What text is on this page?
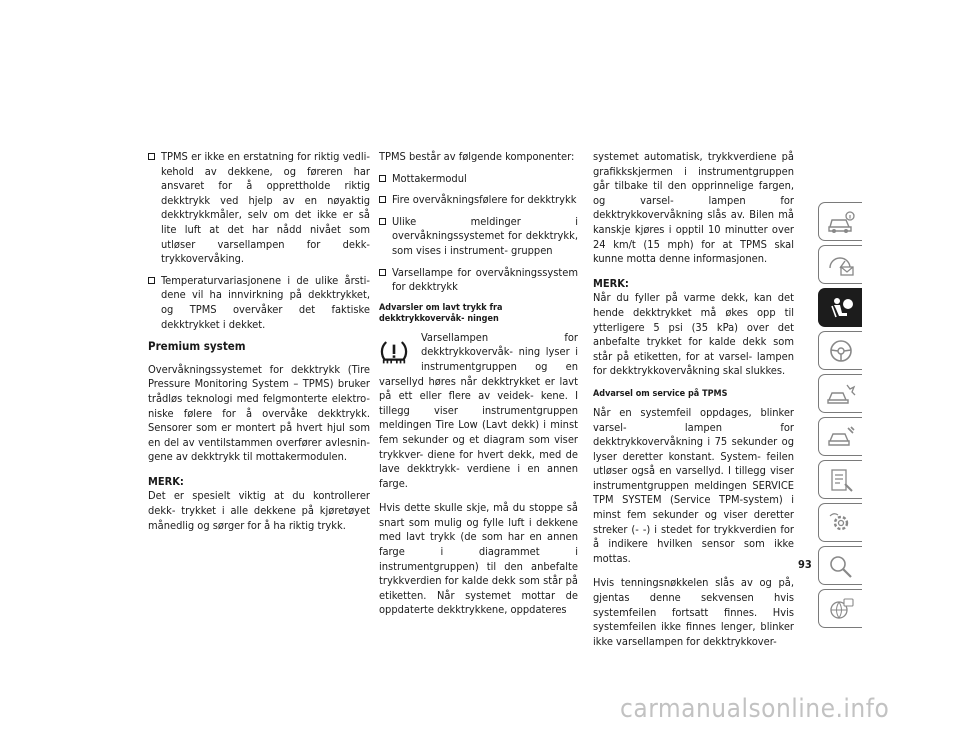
TPMS er ikke en erstatning for riktig vedli- kehold av dekkene, og føreren har ansvaret for å opprettholde riktig dekktrykk ved hjelp av en nøyaktig dekktrykkmåler, selv om det ikke er så lite luft at det har nådd nivået som utløser varsellampen for dekk- trykkovervåking.
Temperaturvariasjonene i de ulike årsti- dene vil ha innvirkning på dekktrykket, og TPMS overvåker det faktiske dekktrykket i dekket.
Premium system

Overvåkningssystemet for dekktrykk (Tire Pressure Monitoring System – TPMS) bruker trådløs teknologi med felgmonterte elektro- niske følere for å overvåke dekktrykk. Sensorer som er montert på hvert hjul som en del av ventilstammen overfører avlesnin- gene av dekktrykk til mottakermodulen.

MERK:
Det er spesielt viktig at du kontrollerer dekk- trykket i alle dekkene på kjøretøyet månedlig og sørger for å ha riktig trykk.

TPMS består av følgende komponenter:

Mottakermodul
Fire overvåkningsfølere for dekktrykk
Ulike meldinger i overvåkningssystemet for dekktrykk, som vises i instrument- gruppen
Varsellampe for overvåkningssystem for dekktrykk
Advarsler om lavt trykk fra dekktrykkovervåk- ningen
Varsellampen for dekktrykkovervåk- ning lyser i instrumentgruppen og en varsellyd høres når dekktrykket er lavt på ett eller flere av veidek- kene. I tillegg viser instrumentgruppen meldingen Tire Low (Lavt dekk) i minst fem sekunder og et diagram som viser trykkver- diene for hvert dekk, med de lave dekktrykk- verdiene i en annen farge.

Hvis dette skulle skje, må du stoppe så snart som mulig og fylle luft i dekkene med lavt trykk (de som har en annen farge i diagrammet i instrumentgruppen) til den anbefalte trykkverdien for kalde dekk som står på etiketten. Når systemet mottar de oppdaterte dekktrykkene, oppdateres

systemet automatisk, trykkverdiene på grafikkskjermen i instrumentgruppen går tilbake til den opprinnelige fargen, og varsel- lampen for dekktrykkovervåkning slås av. Bilen må kanskje kjøres i opptil 10 minutter over 24 km/t (15 mph) for at TPMS skal kunne motta denne informasjonen.

MERK:
Når du fyller på varme dekk, kan det hende dekktrykket må økes opp til ytterligere 5 psi (35 kPa) over det anbefalte trykket for kalde dekk som står på etiketten, for at varsel- lampen for dekktrykkovervåkning skal slukkes.
Advarsel om service på TPMS

Når en systemfeil oppdages, blinker varsel- lampen for dekktrykkovervåkning i 75 sekunder og lyser deretter konstant. System- feilen utløser også en varsellyd. I tillegg viser instrumentgruppen meldingen SERVICE TPM SYSTEM (Service TPM-system) i minst fem sekunder og viser deretter streker (- -) i stedet for trykkverdien for å indikere hvilken sensor som ikke mottas.

Hvis tenningsnøkkelen slås av og på, gjentas denne sekvensen hvis systemfeilen fortsatt finnes. Hvis systemfeilen ikke finnes lenger, blinker ikke varsellampen for dekktrykkover-

93
carmanualsonline.info
